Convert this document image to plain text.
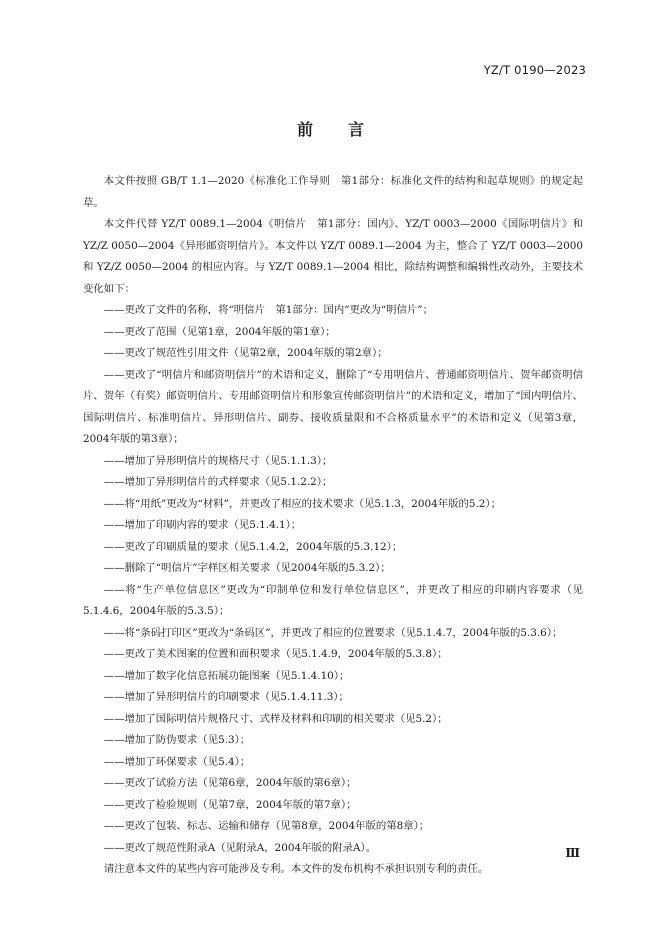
YZ/T 0190—2023
前　　言

本文件按照 GB/T 1.1—2020《标准化工作导则　第1部分：标准化文件的结构和起草规则》的规定起草。

本文件代替 YZ/T 0089.1—2004《明信片　第1部分：国内》、YZ/T 0003—2000《国际明信片》和 YZ/Z 0050—2004《异形邮资明信片》。本文件以 YZ/T 0089.1—2004 为主，整合了 YZ/T 0003—2000 和 YZ/Z 0050—2004 的相应内容。与 YZ/T 0089.1—2004 相比，除结构调整和编辑性改动外，主要技术变化如下：

——更改了文件的名称，将“明信片　第1部分：国内”更改为“明信片”；

——更改了范围（见第1章，2004年版的第1章）；

——更改了规范性引用文件（见第2章，2004年版的第2章）；

——更改了“明信片和邮资明信片”的术语和定义，删除了“专用明信片、普通邮资明信片、贺年邮资明信片、贺年（有奖）邮资明信片、专用邮资明信片和形象宣传邮资明信片”的术语和定义，增加了“国内明信片、国际明信片、标准明信片、异形明信片、副券、接收质量限和不合格质量水平”的术语和定义（见第3章，2004年版的第3章）；

——增加了异形明信片的规格尺寸（见5.1.1.3）；

——增加了异形明信片的式样要求（见5.1.2.2）；

——将“用纸”更改为“材料”，并更改了相应的技术要求（见5.1.3，2004年版的5.2）；

——增加了印刷内容的要求（见5.1.4.1）；

——更改了印刷质量的要求（见5.1.4.2，2004年版的5.3.12）；

——删除了“明信片”字样区相关要求（见2004年版的5.3.2）；

——将“生产单位信息区”更改为“印制单位和发行单位信息区”，并更改了相应的印刷内容要求（见5.1.4.6，2004年版的5.3.5）；

——将“条码打印区”更改为“条码区”，并更改了相应的位置要求（见5.1.4.7，2004年版的5.3.6）；

——更改了美术图案的位置和面积要求（见5.1.4.9，2004年版的5.3.8）；

——增加了数字化信息拓展功能图案（见5.1.4.10）；

——增加了异形明信片的印刷要求（见5.1.4.11.3）；

——增加了国际明信片规格尺寸、式样及材料和印刷的相关要求（见5.2）；

——增加了防伪要求（见5.3）；

——增加了环保要求（见5.4）；

——更改了试验方法（见第6章，2004年版的第6章）；

——更改了检验规则（见第7章，2004年版的第7章）；

——更改了包装、标志、运输和储存（见第8章，2004年版的第8章）；

——更改了规范性附录A（见附录A，2004年版的附录A）。

请注意本文件的某些内容可能涉及专利。本文件的发布机构不承担识别专利的责任。

Ⅲ
